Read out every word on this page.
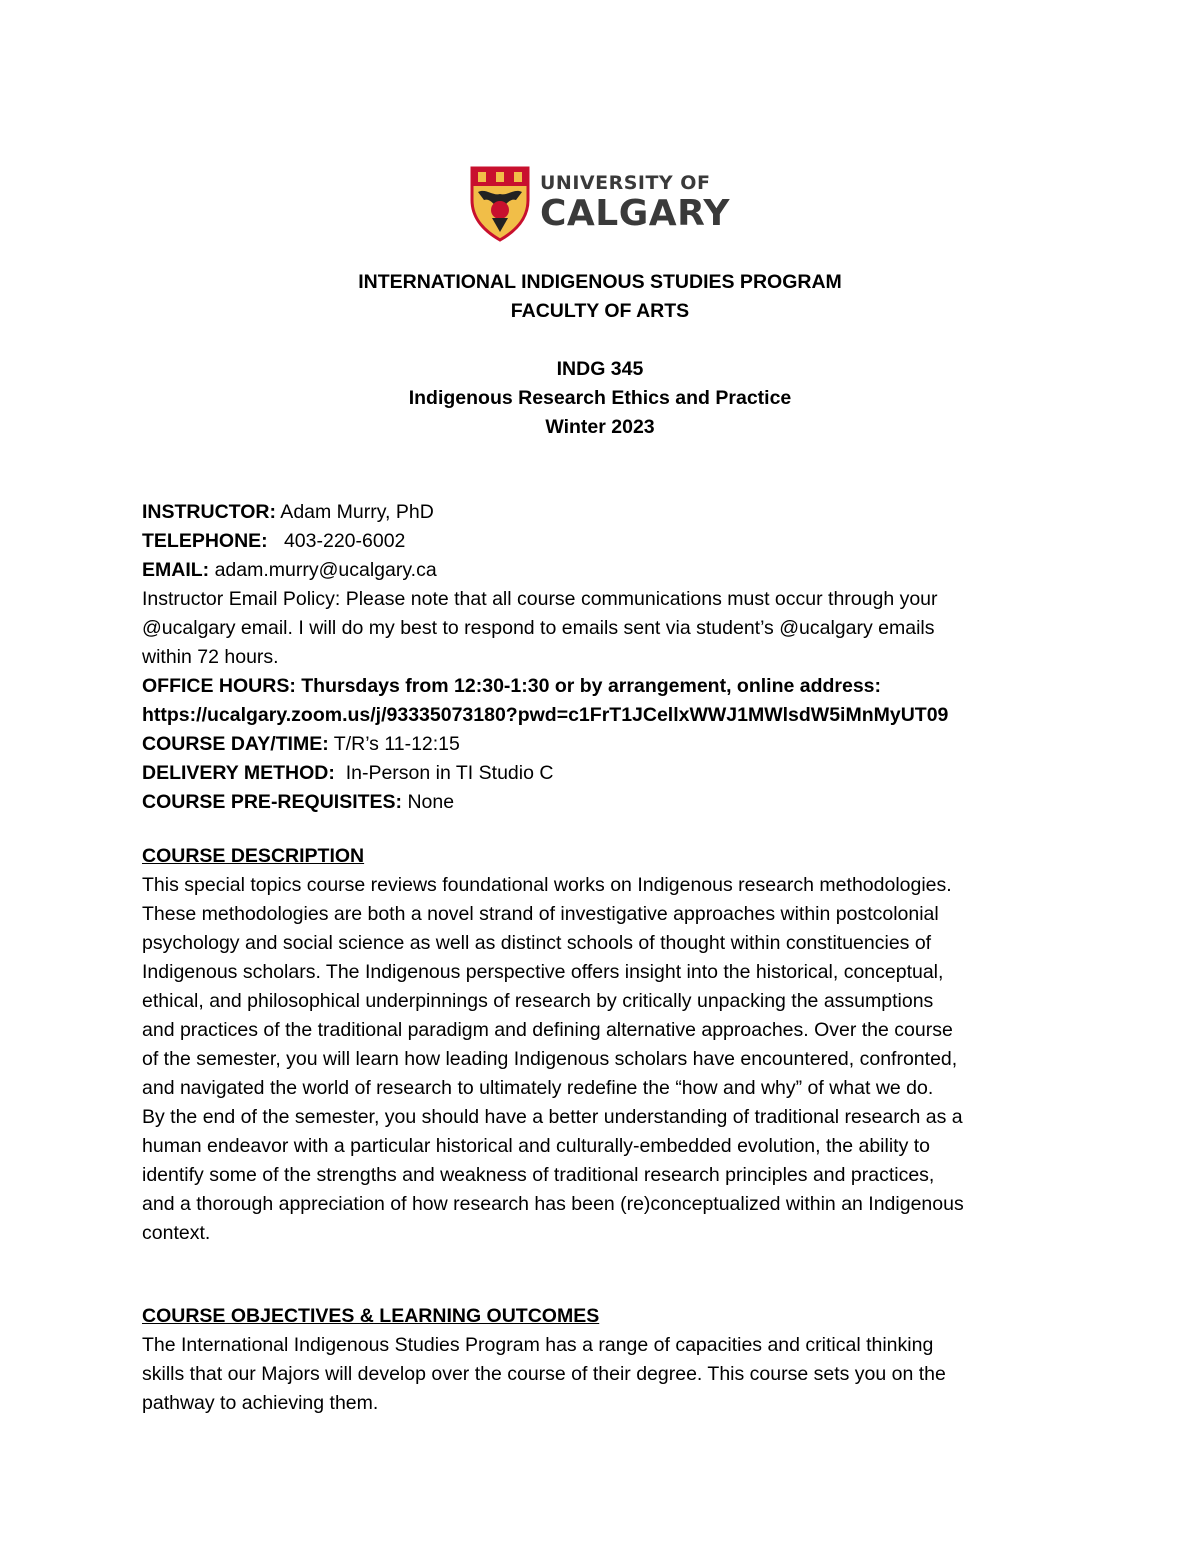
UNIVERSITY OF
CALGARY
INTERNATIONAL INDIGENOUS STUDIES PROGRAM
FACULTY OF ARTS
INDG 345
Indigenous Research Ethics and Practice
Winter 2023

INSTRUCTOR: Adam Murry, PhD

TELEPHONE:   403-220-6002

EMAIL: adam.murry@ucalgary.ca

Instructor Email Policy: Please note that all course communications must occur through your

@ucalgary email. I will do my best to respond to emails sent via student’s @ucalgary emails

within 72 hours.

OFFICE HOURS: Thursdays from 12:30-1:30 or by arrangement, online address:

https://ucalgary.zoom.us/j/93335073180?pwd=c1FrT1JCellxWWJ1MWlsdW5iMnMyUT09

COURSE DAY/TIME: T/R’s 11-12:15

DELIVERY METHOD:  In-Person in TI Studio C

COURSE PRE-REQUISITES: None

COURSE DESCRIPTION

This special topics course reviews foundational works on Indigenous research methodologies.

These methodologies are both a novel strand of investigative approaches within postcolonial

psychology and social science as well as distinct schools of thought within constituencies of

Indigenous scholars. The Indigenous perspective offers insight into the historical, conceptual,

ethical, and philosophical underpinnings of research by critically unpacking the assumptions

and practices of the traditional paradigm and defining alternative approaches. Over the course

of the semester, you will learn how leading Indigenous scholars have encountered, confronted,

and navigated the world of research to ultimately redefine the “how and why” of what we do.

By the end of the semester, you should have a better understanding of traditional research as a

human endeavor with a particular historical and culturally-embedded evolution, the ability to

identify some of the strengths and weakness of traditional research principles and practices,

and a thorough appreciation of how research has been (re)conceptualized within an Indigenous

context.

COURSE OBJECTIVES & LEARNING OUTCOMES

The International Indigenous Studies Program has a range of capacities and critical thinking

skills that our Majors will develop over the course of their degree. This course sets you on the

pathway to achieving them.
